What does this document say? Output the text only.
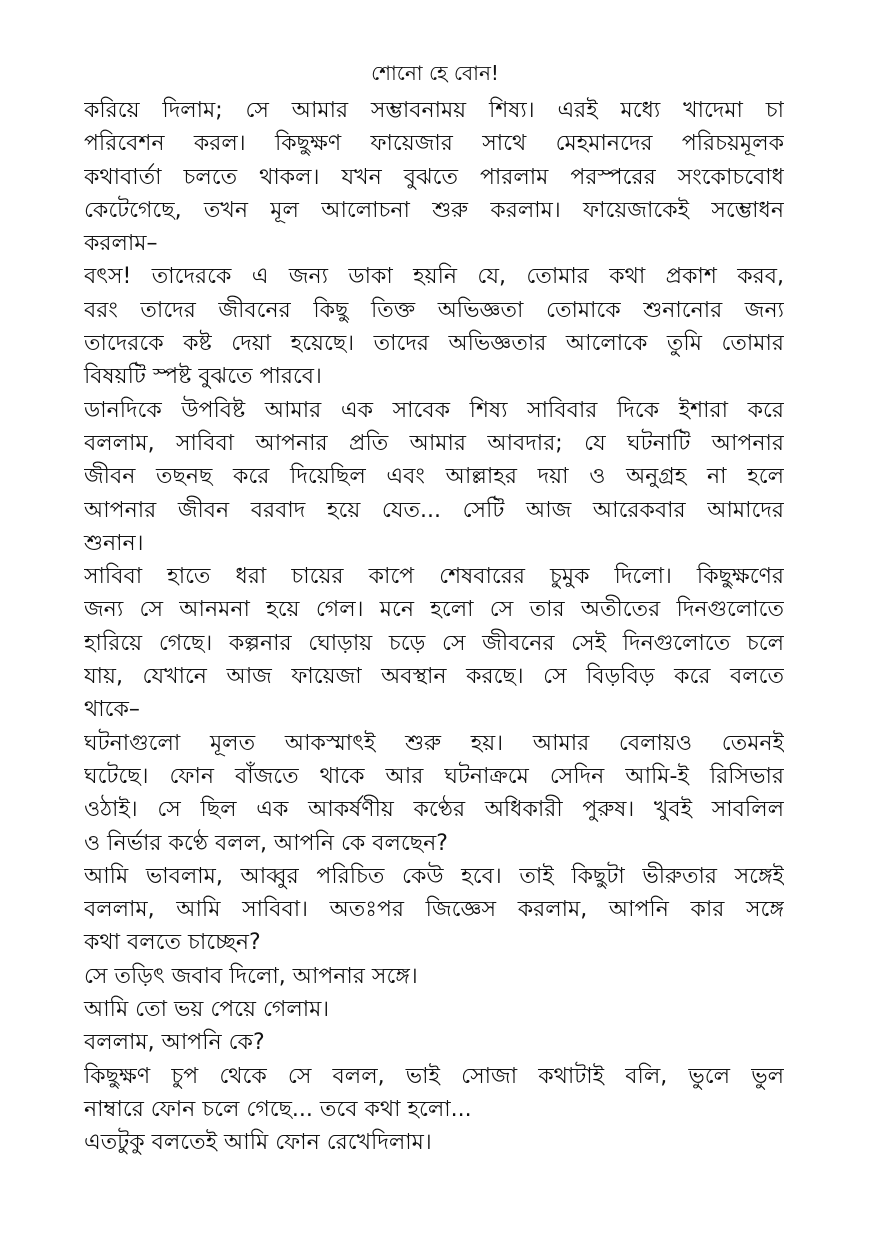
শোনো হে বোন!

করিয়ে দিলাম; সে আমার সম্ভাবনাময় শিষ্য। এরই মধ্যে খাদেমা চা
পরিবেশন করল। কিছুক্ষণ ফায়েজার সাথে মেহমানদের পরিচয়মূলক
কথাবার্তা চলতে থাকল। যখন বুঝতে পারলাম পরস্পরের সংকোচবোধ
কেটেগেছে, তখন মূল আলোচনা শুরু করলাম। ফায়েজাকেই সম্ভোধন
করলাম–

বৎস! তাদেরকে এ জন্য ডাকা হয়নি যে, তোমার কথা প্রকাশ করব,
বরং তাদের জীবনের কিছু তিক্ত অভিজ্ঞতা তোমাকে শুনানোর জন্য
তাদেরকে কষ্ট দেয়া হয়েছে। তাদের অভিজ্ঞতার আলোকে তুমি তোমার
বিষয়টি স্পষ্ট বুঝতে পারবে।

ডানদিকে উপবিষ্ট আমার এক সাবেক শিষ্য সাবিবার দিকে ইশারা করে
বললাম, সাবিবা আপনার প্রতি আমার আবদার; যে ঘটনাটি আপনার
জীবন তছনছ করে দিয়েছিল এবং আল্লাহর দয়া ও অনুগ্রহ না হলে
আপনার জীবন বরবাদ হয়ে যেত... সেটি আজ আরেকবার আমাদের
শুনান।

সাবিবা হাতে ধরা চায়ের কাপে শেষবারের চুমুক দিলো। কিছুক্ষণের
জন্য সে আনমনা হয়ে গেল। মনে হলো সে তার অতীতের দিনগুলোতে
হারিয়ে গেছে। কল্পনার ঘোড়ায় চড়ে সে জীবনের সেই দিনগুলোতে চলে
যায়, যেখানে আজ ফায়েজা অবস্থান করছে। সে বিড়বিড় করে বলতে
থাকে–

ঘটনাগুলো মূলত আকস্মাৎই শুরু হয়। আমার বেলায়ও তেমনই
ঘটেছে। ফোন বাঁজতে থাকে আর ঘটনাক্রমে সেদিন আমি-ই রিসিভার
ওঠাই। সে ছিল এক আকর্ষণীয় কণ্ঠের অধিকারী পুরুষ। খুবই সাবলিল
ও নির্ভার কণ্ঠে বলল, আপনি কে বলছেন?

আমি ভাবলাম, আব্বুর পরিচিত কেউ হবে। তাই কিছুটা ভীরুতার সঙ্গেই
বললাম, আমি সাবিবা। অতঃপর জিজ্ঞেস করলাম, আপনি কার সঙ্গে
কথা বলতে চাচ্ছেন?

সে তড়িৎ জবাব দিলো, আপনার সঙ্গে।

আমি তো ভয় পেয়ে গেলাম।

বললাম, আপনি কে?

কিছুক্ষণ চুপ থেকে সে বলল, ভাই সোজা কথাটাই বলি, ভুলে ভুল
নাম্বারে ফোন চলে গেছে... তবে কথা হলো...

এতটুকু বলতেই আমি ফোন রেখেদিলাম।
